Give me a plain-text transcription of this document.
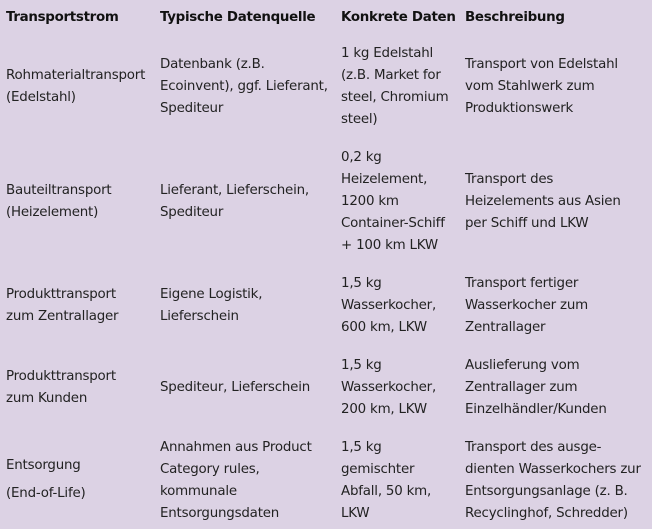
Transportstrom	Typische Datenquelle Konkrete Daten Beschreibung
Rohmaterialtransport
(Edelstahl)
Datenbank (z.B.
Ecoinvent), ggf. Lieferant,
Spediteur
1 kg Edelstahl
(z.B. Market for
steel, Chromium
steel)
Transport von Edelstahl
vom Stahlwerk zum
Produktionswerk
Bauteiltransport
(Heizelement)
Lieferant, Lieferschein,
Spediteur
0,2 kg
Heizelement,
1200 km
Container-Schiff
+ 100 km LKW
Transport des
Heizelements aus Asien
per Schiff und LKW
Produkttransport
zum Zentrallager
Eigene Logistik,
Lieferschein
1,5 kg
Wasserkocher,
600 km, LKW
Transport fertiger
Wasserkocher zum
Zentrallager
Produkttransport
zum Kunden
Spediteur, Lieferschein
1,5 kg
Wasserkocher,
200 km, LKW
Auslieferung vom
Zentrallager zum
Einzelhändler/Kunden
Entsorgung
(End-of-Life)
Annahmen aus Product
Category rules,
kommunale
Entsorgungsdaten
1,5 kg
gemischter
Abfall, 50 km,
LKW
Transport des ausge-
dienten Wasserkochers zur
Entsorgungsanlage (z. B.
Recyclinghof, Schredder)
